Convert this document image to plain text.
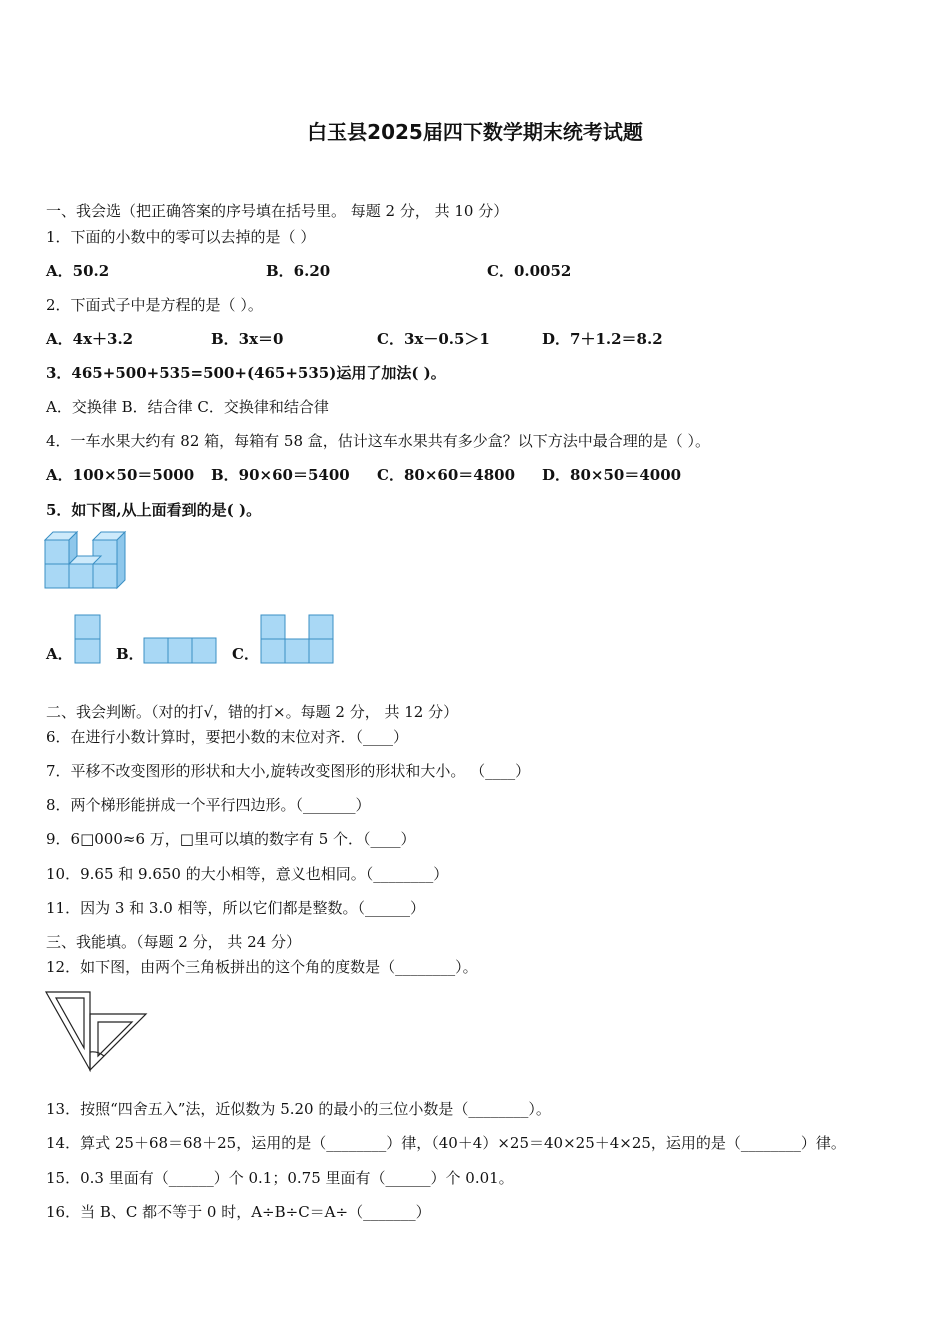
白玉县2025届四下数学期末统考试题
一、我会选（把正确答案的序号填在括号里。 每题 2 分， 共 10 分）
1．下面的小数中的零可以去掉的是（ ）
A．50.2	B．6.20	C．0.0052
2．下面式子中是方程的是（ ）。
A．4x＋3.2	B．3x＝0	C．3x－0.5＞1	D．7＋1.2＝8.2
3．465+500+535=500+(465+535)运用了加法( )。
A．交换律 B．结合律 C．交换律和结合律
4．一车水果大约有 82 箱，每箱有 58 盒，估计这车水果共有多少盒？以下方法中最合理的是（ ）。
A．100×50＝5000 B．90×60＝5400 C．80×60＝4800 D．80×50＝4000
5．如下图,从上面看到的是( )。
A．	B．	C．
二、我会判断。（对的打√，错的打×。每题 2 分， 共 12 分）
6．在进行小数计算时，要把小数的末位对齐．（____）
7．平移不改变图形的形状和大小,旋转改变图形的形状和大小。 （____）
8．两个梯形能拼成一个平行四边形。（_______）
9．6□000≈6 万，□里可以填的数字有 5 个．（____）
10．9.65 和 9.650 的大小相等，意义也相同。（________）
11．因为 3 和 3.0 相等，所以它们都是整数。（______）
三、我能填。（每题 2 分， 共 24 分）
12．如下图，由两个三角板拼出的这个角的度数是（________）。
13．按照“四舍五入”法，近似数为 5.20 的最小的三位小数是（________）。
14．算式 25＋68＝68＋25，运用的是（________）律，（40＋4）×25＝40×25＋4×25，运用的是（________）律。
15．0.3 里面有（______）个 0.1；0.75 里面有（______）个 0.01。
16．当 B、C 都不等于 0 时，A÷B÷C＝A÷（_______）
